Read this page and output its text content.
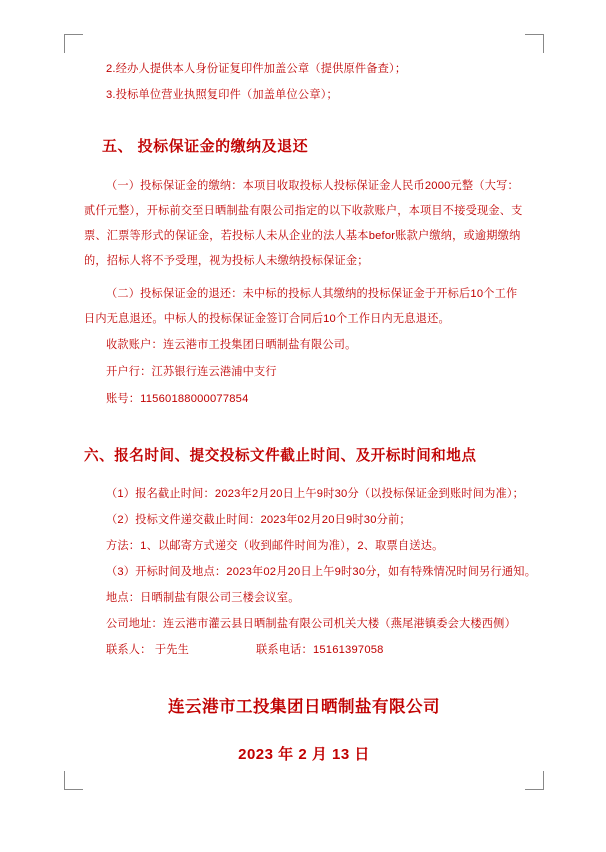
2.经办人提供本人身份证复印件加盖公章（提供原件备查）；

3.投标单位营业执照复印件（加盖单位公章）；

五、 投标保证金的缴纳及退还

（一）投标保证金的缴纳：本项目收取投标人投标保证金人民币2000元整（大写：贰仟元整），开标前交至日晒制盐有限公司指定的以下收款账户，本项目不接受现金、支票、汇票等形式的保证金，若投标人未从企业的法人基本befor账款户缴纳，或逾期缴纳的，招标人将不予受理，视为投标人未缴纳投标保证金；

（二）投标保证金的退还：未中标的投标人其缴纳的投标保证金于开标后10个工作日内无息退还。中标人的投标保证金签订合同后10个工作日内无息退还。

收款账户：连云港市工投集团日晒制盐有限公司。

开户行：江苏银行连云港浦中支行

账号：11560188000077854

六、报名时间、提交投标文件截止时间、及开标时间和地点

（1）报名截止时间：2023年2月20日上午9时30分（以投标保证金到账时间为准）；

（2）投标文件递交截止时间：2023年02月20日9时30分前；

方法：1、以邮寄方式递交（收到邮件时间为准），2、取票自送达。

（3）开标时间及地点：2023年02月20日上午9时30分，如有特殊情况时间另行通知。

地点：日晒制盐有限公司三楼会议室。

公司地址：连云港市灌云县日晒制盐有限公司机关大楼（燕尾港镇委会大楼西侧）

联系人： 于先生	联系电话：15161397058
连云港市工投集团日晒制盐有限公司
2023 年 2 月 13 日
